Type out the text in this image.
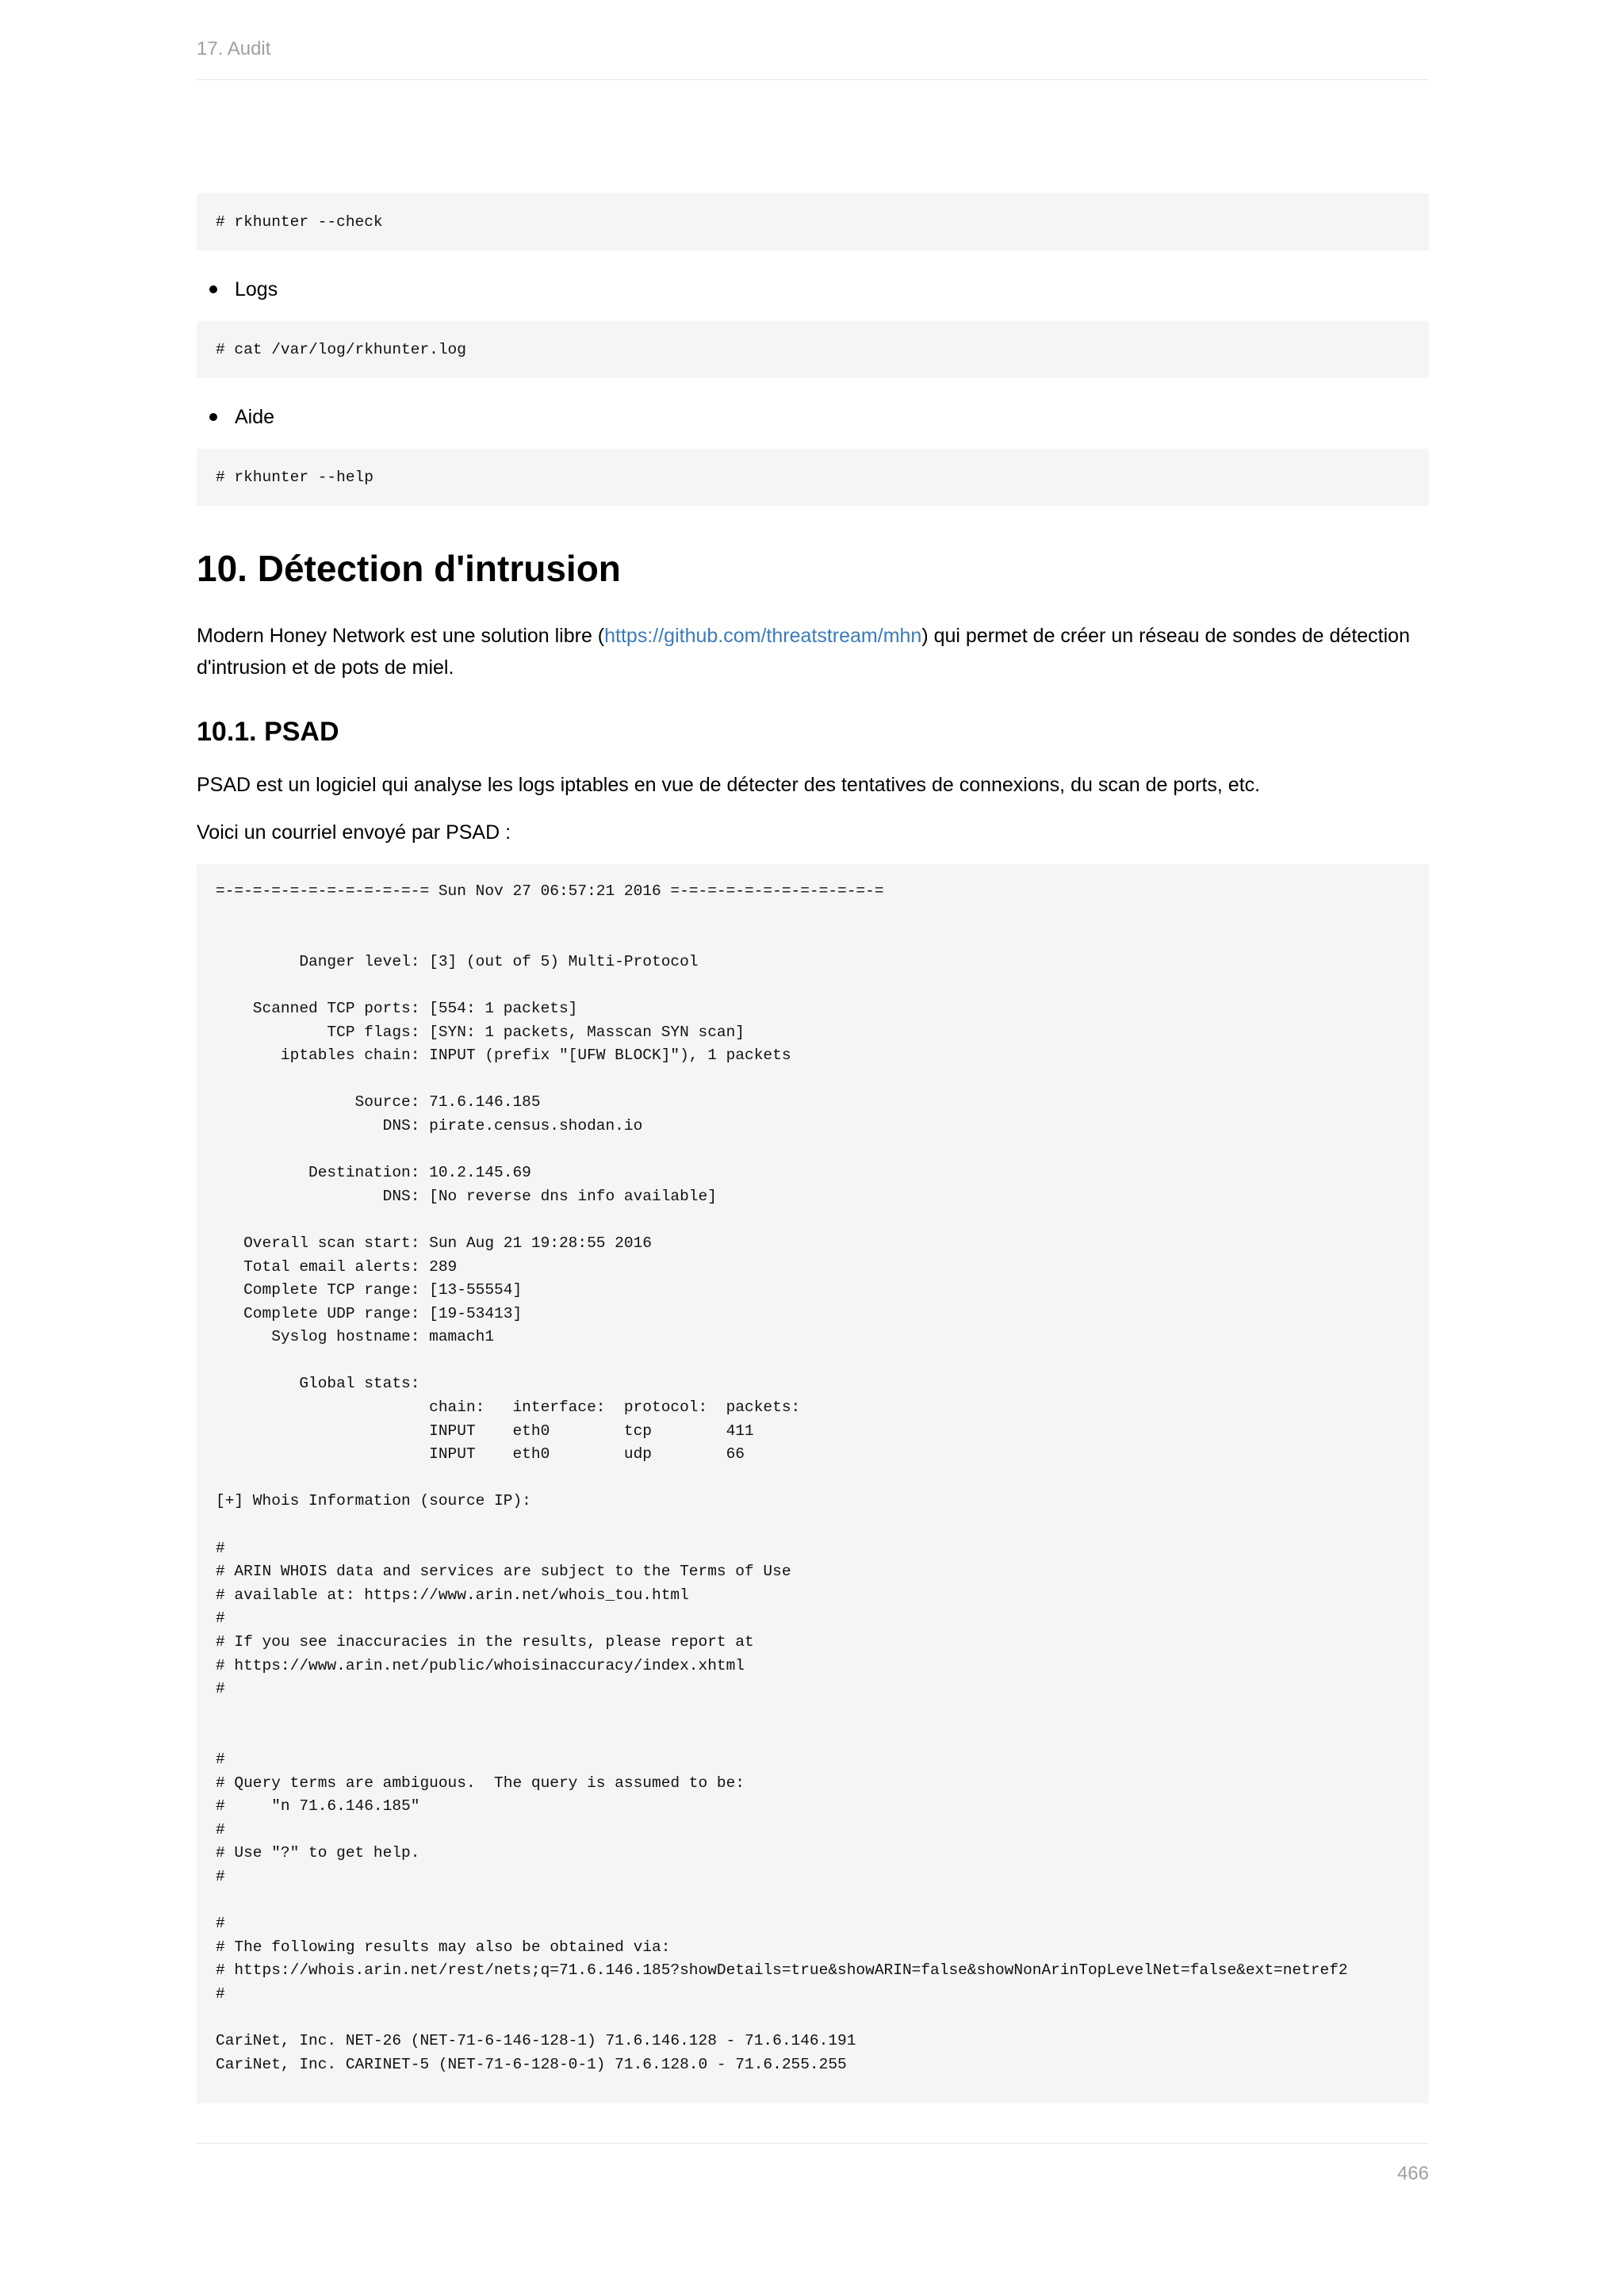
17. Audit
# rkhunter --check
Logs
# cat /var/log/rkhunter.log
Aide
# rkhunter --help
10. Détection d'intrusion

Modern Honey Network est une solution libre (https://github.com/threatstream/mhn) qui permet de créer un réseau de sondes de détection d'intrusion et de pots de miel.

10.1. PSAD

PSAD est un logiciel qui analyse les logs iptables en vue de détecter des tentatives de connexions, du scan de ports, etc.

Voici un courriel envoyé par PSAD :

=-=-=-=-=-=-=-=-=-=-=-= Sun Nov 27 06:57:21 2016 =-=-=-=-=-=-=-=-=-=-=-=

Danger level: [3] (out of 5) Multi-Protocol

Scanned TCP ports: [554: 1 packets]
TCP flags: [SYN: 1 packets, Masscan SYN scan]
iptables chain: INPUT (prefix "[UFW BLOCK]"), 1 packets

Source: 71.6.146.185
DNS: pirate.census.shodan.io

Destination: 10.2.145.69
DNS: [No reverse dns info available]

Overall scan start: Sun Aug 21 19:28:55 2016
Total email alerts: 289
Complete TCP range: [13-55554]
Complete UDP range: [19-53413]
Syslog hostname: mamach1

Global stats:
chain:   interface:  protocol:  packets:
INPUT    eth0        tcp        411
INPUT    eth0        udp        66

[+] Whois Information (source IP):

#
# ARIN WHOIS data and services are subject to the Terms of Use
# available at: https://www.arin.net/whois_tou.html
#
# If you see inaccuracies in the results, please report at
# https://www.arin.net/public/whoisinaccuracy/index.xhtml
#

#
# Query terms are ambiguous.  The query is assumed to be:
#     "n 71.6.146.185"
#
# Use "?" to get help.
#

#
# The following results may also be obtained via:
# https://whois.arin.net/rest/nets;q=71.6.146.185?showDetails=true&showARIN=false&showNonArinTopLevelNet=false&ext=netref2
#

CariNet, Inc. NET-26 (NET-71-6-146-128-1) 71.6.146.128 - 71.6.146.191
CariNet, Inc. CARINET-5 (NET-71-6-128-0-1) 71.6.128.0 - 71.6.255.255
466
